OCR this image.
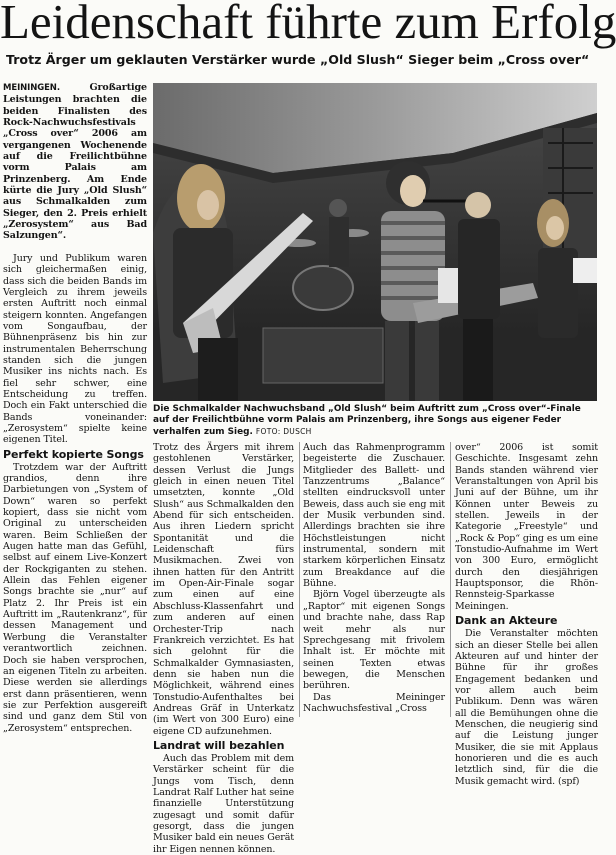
Leidenschaft führte zum Erfolg
Trotz Ärger um geklauten Verstärker wurde „Old Slush“ Sieger beim „Cross over“

MEININGEN.	Großartige Leistungen brachten die beiden Finalisten des Rock-Nachwuchsfestivals „Cross over“ 2006 am vergangenen Wochenende auf die Freilichtbühne vorm Palais am Prinzenberg. Am Ende kürte die Jury „Old Slush“ aus Schmalkalden zum Sieger, den 2. Preis erhielt „Zerosystem“ aus Bad Salzungen“.

Jury und Publikum waren sich gleichermaßen einig, dass sich die beiden Bands im Vergleich zu ihrem jeweils ersten Auftritt noch einmal steigern konnten. Angefangen vom Songaufbau, der Bühnenpräsenz bis hin zur instrumentalen Beherrschung standen sich die jungen Musiker ins nichts nach. Es fiel sehr schwer, eine Entscheidung zu treffen. Doch ein Fakt unterschied die Bands voneinander: „Zerosystem“ spielte keine eigenen Titel.

Perfekt kopierte Songs

Trotzdem war der Auftritt grandios, denn ihre Darbietungen von „System of Down“ waren so perfekt kopiert, dass sie nicht vom Original zu unterscheiden waren. Beim Schließen der Augen hatte man das Gefühl, selbst auf einem Live-Konzert der Rockgiganten zu stehen. Allein das Fehlen eigener Songs brachte sie „nur“ auf Platz 2. Ihr Preis ist ein Auftritt im „Rautenkranz“, für dessen Management und Werbung die Veranstalter verantwortlich zeichnen. Doch sie haben versprochen, an eigenen Titeln zu arbeiten. Diese werden sie allerdings erst dann präsentieren, wenn sie zur Perfektion ausgereift sind und ganz dem Stil von „Zerosystem“ entsprechen.

Die Schmalkalder Nachwuchsband „Old Slush“ beim Auftritt zum „Cross over“-Finale auf der Freilichtbühne vorm Palais am Prinzenberg, ihre Songs aus eigener Feder verhalfen zum Sieg. FOTO: DUSCH

Trotz des Ärgers mit ihrem gestohlenen Verstärker, dessen Verlust die Jungs gleich in einen neuen Titel umsetzten, konnte „Old Slush“ aus Schmalkalden den Abend für sich entscheiden. Aus ihren Liedern spricht Spontanität und die Leidenschaft fürs Musikmachen. Zwei von ihnen hatten für den Antritt im Open-Air-Finale sogar zum einen auf eine Abschluss-Klassenfahrt und zum anderen auf einen Orchester-Trip nach Frankreich verzichtet. Es hat sich gelohnt für die Schmalkalder Gymnasiasten, denn sie haben nun die Möglichkeit, während eines Tonstudio-Aufenthaltes bei Andreas Gräf in Unterkatz (im Wert von 300 Euro) eine eigene CD aufzunehmen.

Landrat will bezahlen

Auch das Problem mit dem Verstärker scheint für die Jungs vom Tisch, denn Landrat Ralf Luther hat seine finanzielle Unterstützung zugesagt und somit dafür gesorgt, dass die jungen Musiker bald ein neues Gerät ihr Eigen nennen können.

Auch das Rahmenprogramm begeisterte die Zuschauer. Mitglieder des Ballett- und Tanzzentrums „Balance“ stellten eindrucksvoll unter Beweis, dass auch sie eng mit der Musik verbunden sind. Allerdings brachten sie ihre Höchstleistungen nicht instrumental, sondern mit starkem körperlichen Einsatz zum Breakdance auf die Bühne.

Björn Vogel überzeugte als „Raptor“ mit eigenen Songs und brachte nahe, dass Rap weit mehr als nur Sprechgesang mit frivolem Inhalt ist. Er möchte mit seinen Texten etwas bewegen, die Menschen berühren.

Das Meininger Nachwuchsfestival „Cross

over“ 2006 ist somit Geschichte. Insgesamt zehn Bands standen während vier Veranstaltungen von April bis Juni auf der Bühne, um ihr Können unter Beweis zu stellen. Jeweils in der Kategorie „Freestyle“ und „Rock & Pop“ ging es um eine Tonstudio-Aufnahme im Wert von 300 Euro, ermöglicht durch den diesjährigen Hauptsponsor, die Rhön-Rennsteig-Sparkasse Meiningen.

Dank an Akteure

Die Veranstalter möchten sich an dieser Stelle bei allen Akteuren auf und hinter der Bühne für ihr großes Engagement bedanken und vor allem auch beim Publikum. Denn was wären all die Bemühungen ohne die Menschen, die neugierig sind auf die Leistung junger Musiker, die sie mit Applaus honorieren und die es auch letztlich sind, für die die Musik gemacht wird. (spf)
